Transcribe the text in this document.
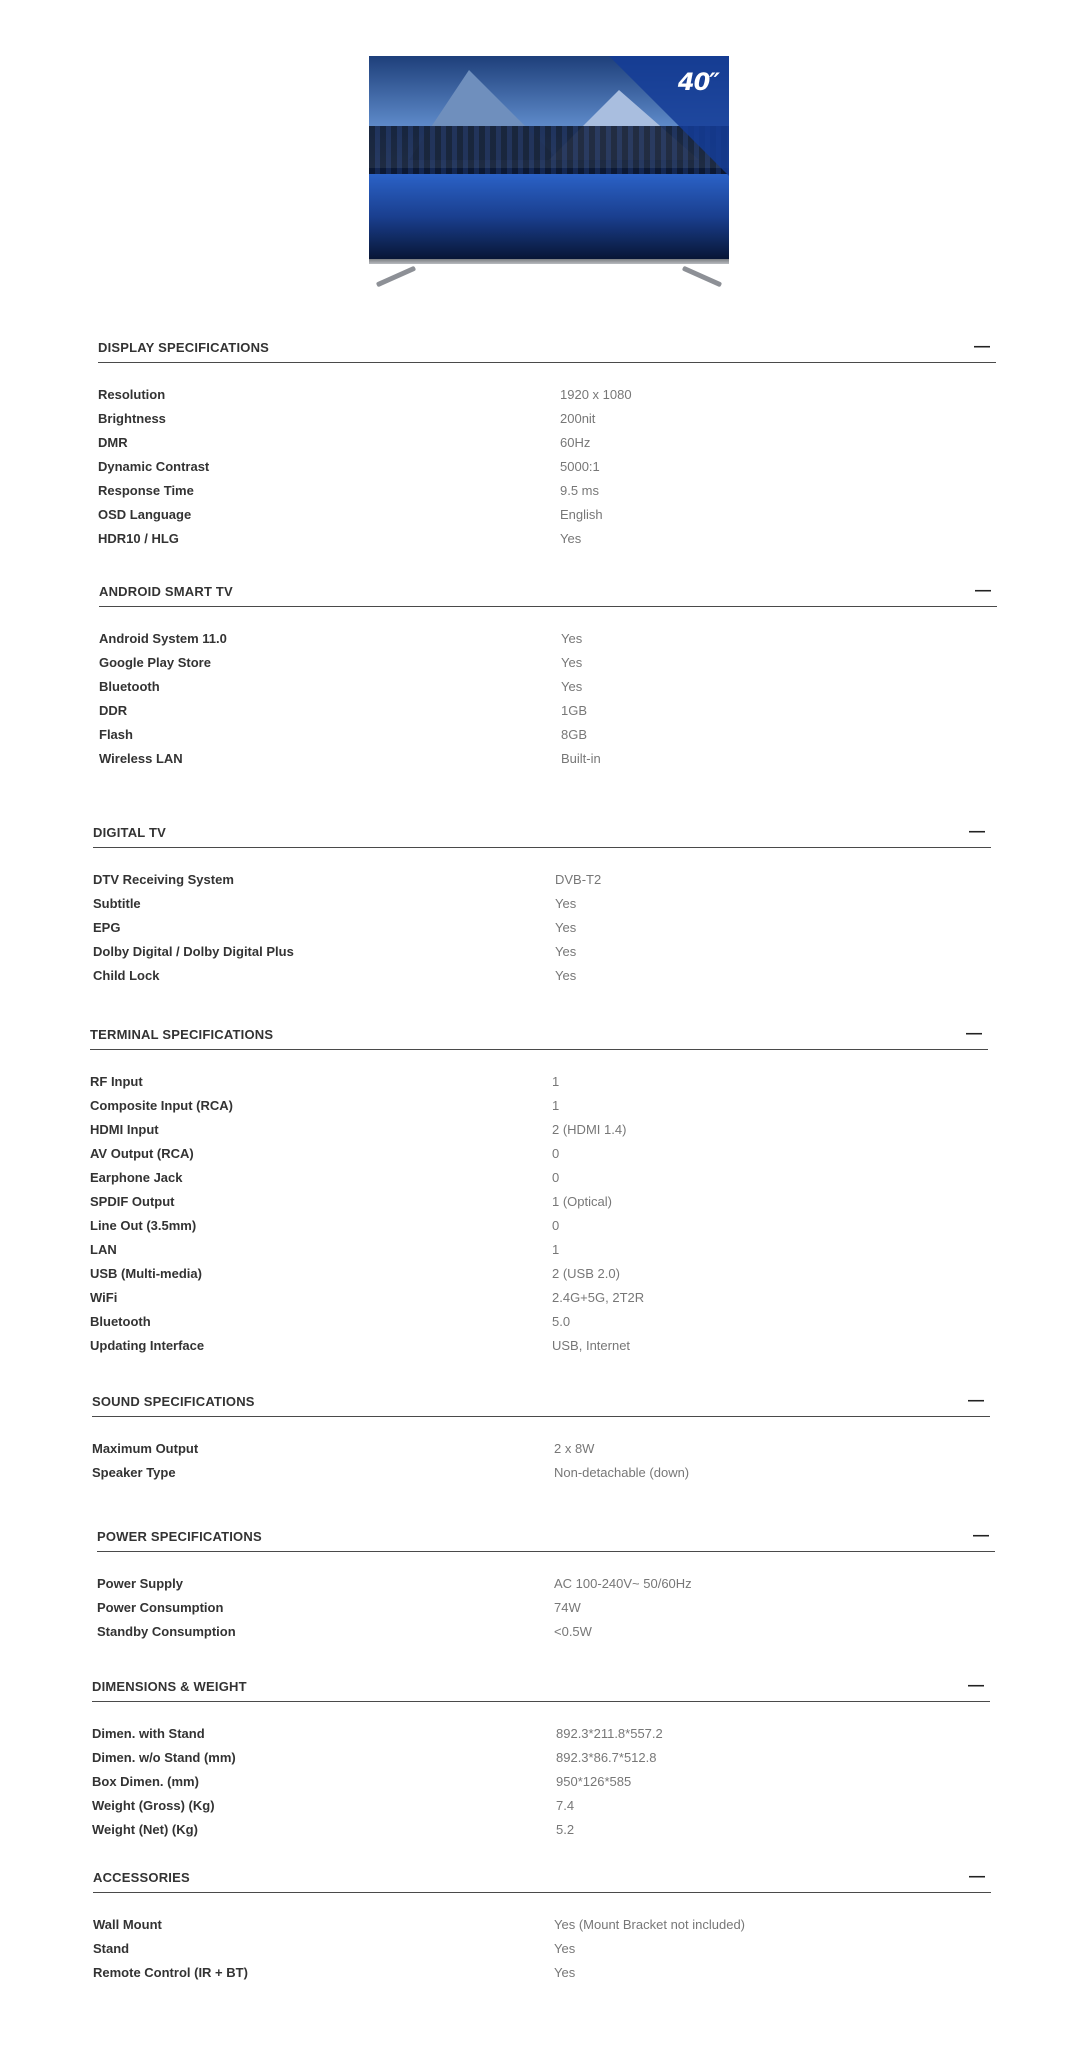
40″
DISPLAY SPECIFICATIONS	—
Resolution	1920 x 1080
Brightness	200nit
DMR	60Hz
Dynamic Contrast	5000:1
Response Time	9.5 ms
OSD Language	English
HDR10 / HLG	Yes
ANDROID SMART TV	—
Android System 11.0	Yes
Google Play Store	Yes
Bluetooth	Yes
DDR	1GB
Flash	8GB
Wireless LAN	Built-in
DIGITAL TV	—
DTV Receiving System	DVB-T2
Subtitle	Yes
EPG	Yes
Dolby Digital / Dolby Digital Plus	Yes
Child Lock	Yes
TERMINAL SPECIFICATIONS	—
RF Input	1
Composite Input (RCA)	1
HDMI Input	2 (HDMI 1.4)
AV Output (RCA)	0
Earphone Jack	0
SPDIF Output	1 (Optical)
Line Out (3.5mm)	0
LAN	1
USB (Multi-media)	2 (USB 2.0)
WiFi	2.4G+5G, 2T2R
Bluetooth	5.0
Updating Interface	USB, Internet
SOUND SPECIFICATIONS	—
Maximum Output	2 x 8W
Speaker Type	Non-detachable (down)
POWER SPECIFICATIONS	—
Power Supply	AC 100-240V~ 50/60Hz
Power Consumption	74W
Standby Consumption	<0.5W
DIMENSIONS & WEIGHT	—
Dimen. with Stand	892.3*211.8*557.2
Dimen. w/o Stand (mm)	892.3*86.7*512.8
Box Dimen. (mm)	950*126*585
Weight (Gross) (Kg)	7.4
Weight (Net) (Kg)	5.2
ACCESSORIES	—
Wall Mount	Yes (Mount Bracket not included)
Stand	Yes
Remote Control (IR + BT)	Yes
